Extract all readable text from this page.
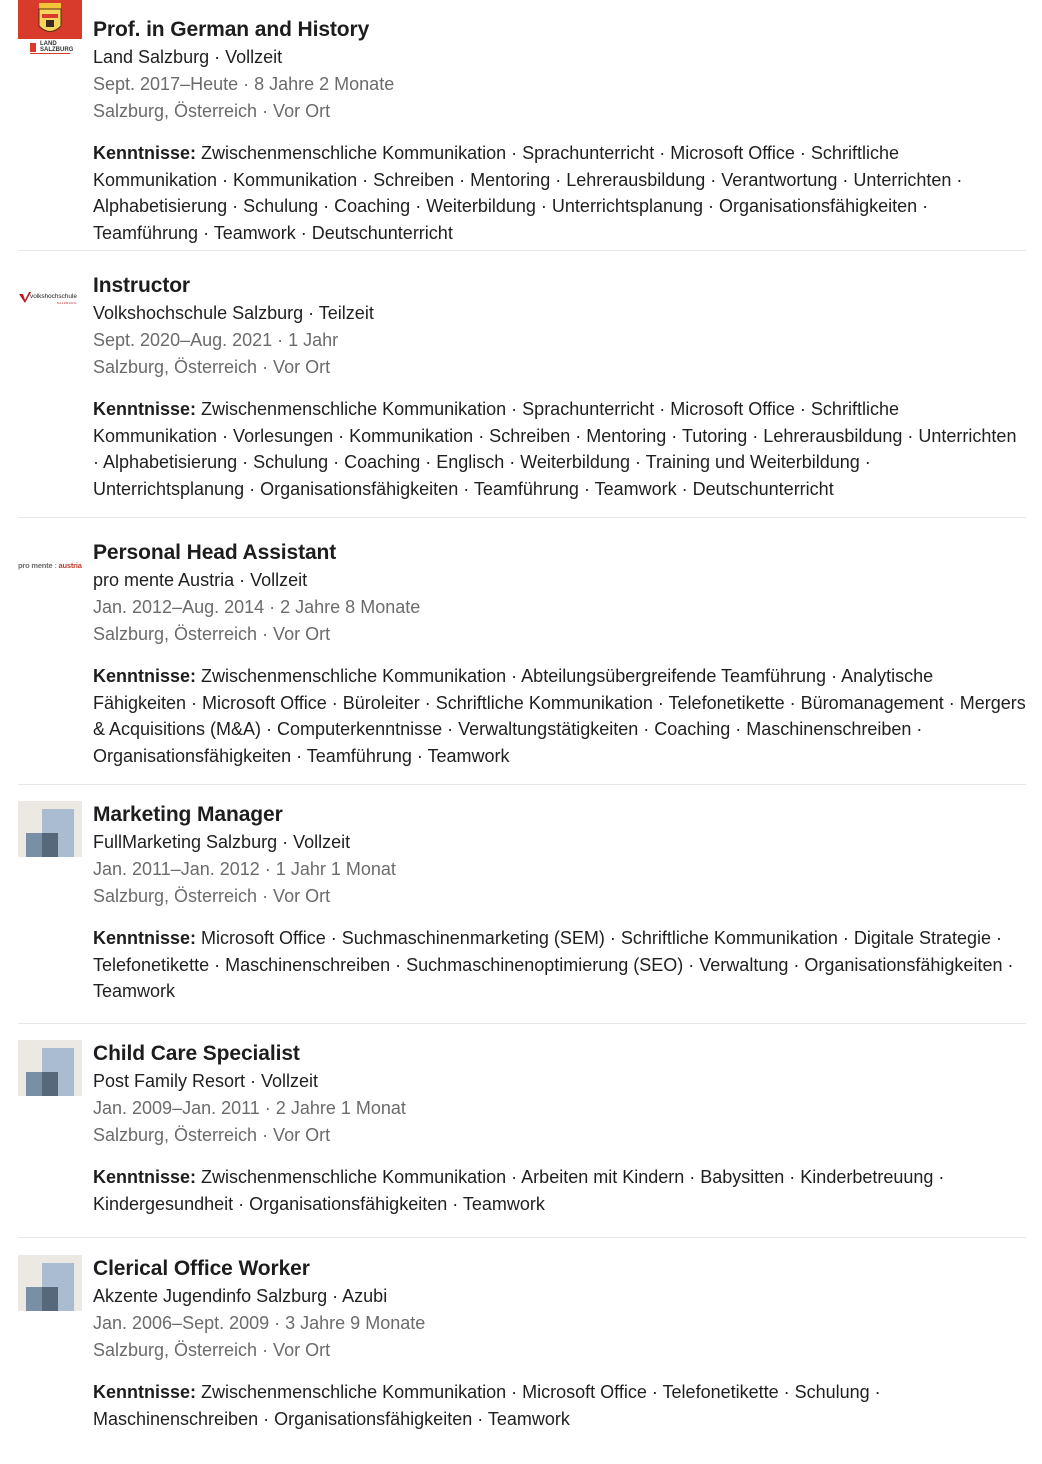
LAND
SALZBURG
Prof. in German and History
Land Salzburg · Vollzeit
Sept. 2017–Heute · 8 Jahre 2 Monate
Salzburg, Österreich · Vor Ort
Kenntnisse: Zwischenmenschliche Kommunikation · Sprachunterricht · Microsoft Office · Schriftliche Kommunikation · Kommunikation · Schreiben · Mentoring · Lehrerausbildung · Verantwortung · Unterrichten · Alphabetisierung · Schulung · Coaching · Weiterbildung · Unterrichtsplanung · Organisationsfähigkeiten · Teamführung · Teamwork · Deutschunterricht
volkshochschule
SALZBURG
Instructor
Volkshochschule Salzburg · Teilzeit
Sept. 2020–Aug. 2021 · 1 Jahr
Salzburg, Österreich · Vor Ort
Kenntnisse: Zwischenmenschliche Kommunikation · Sprachunterricht · Microsoft Office · Schriftliche Kommunikation · Vorlesungen · Kommunikation · Schreiben · Mentoring · Tutoring · Lehrerausbildung · Unterrichten · Alphabetisierung · Schulung · Coaching · Englisch · Weiterbildung · Training und Weiterbildung · Unterrichtsplanung · Organisationsfähigkeiten · Teamführung · Teamwork · Deutschunterricht
pro mente : austria
Personal Head Assistant
pro mente Austria · Vollzeit
Jan. 2012–Aug. 2014 · 2 Jahre 8 Monate
Salzburg, Österreich · Vor Ort
Kenntnisse: Zwischenmenschliche Kommunikation · Abteilungsübergreifende Teamführung · Analytische Fähigkeiten · Microsoft Office · Büroleiter · Schriftliche Kommunikation · Telefonetikette · Büromanagement · Mergers & Acquisitions (M&A) · Computerkenntnisse · Verwaltungstätigkeiten · Coaching · Maschinenschreiben · Organisationsfähigkeiten · Teamführung · Teamwork
Marketing Manager
FullMarketing Salzburg · Vollzeit
Jan. 2011–Jan. 2012 · 1 Jahr 1 Monat
Salzburg, Österreich · Vor Ort
Kenntnisse: Microsoft Office · Suchmaschinenmarketing (SEM) · Schriftliche Kommunikation · Digitale Strategie · Telefonetikette · Maschinenschreiben · Suchmaschinenoptimierung (SEO) · Verwaltung · Organisationsfähigkeiten · Teamwork
Child Care Specialist
Post Family Resort · Vollzeit
Jan. 2009–Jan. 2011 · 2 Jahre 1 Monat
Salzburg, Österreich · Vor Ort
Kenntnisse: Zwischenmenschliche Kommunikation · Arbeiten mit Kindern · Babysitten · Kinderbetreuung · Kindergesundheit · Organisationsfähigkeiten · Teamwork
Clerical Office Worker
Akzente Jugendinfo Salzburg · Azubi
Jan. 2006–Sept. 2009 · 3 Jahre 9 Monate
Salzburg, Österreich · Vor Ort
Kenntnisse: Zwischenmenschliche Kommunikation · Microsoft Office · Telefonetikette · Schulung · Maschinenschreiben · Organisationsfähigkeiten · Teamwork
